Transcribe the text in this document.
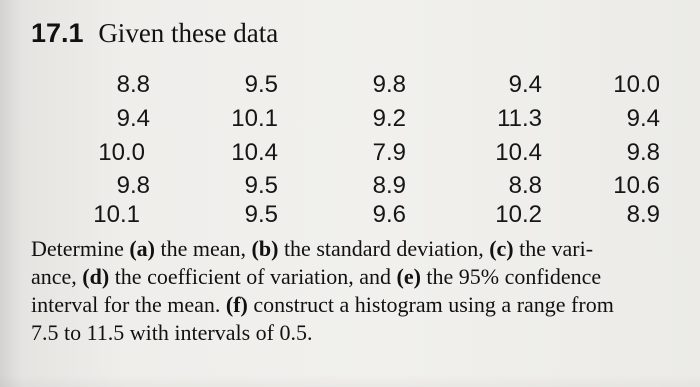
17.1 Given these data
8.8	9.5	9.8	9.4	10.0
9.4	10.1	9.2	11.3	9.4
10.0	10.4	7.9	10.4	9.8
9.8	9.5	8.9	8.8	10.6
10.1	9.5	9.6	10.2	8.9
Determine (a) the mean, (b) the standard deviation, (c) the vari-
ance, (d) the coefficient of variation, and (e) the 95% confidence
interval for the mean. (f) construct a histogram using a range from
7.5 to 11.5 with intervals of 0.5.
